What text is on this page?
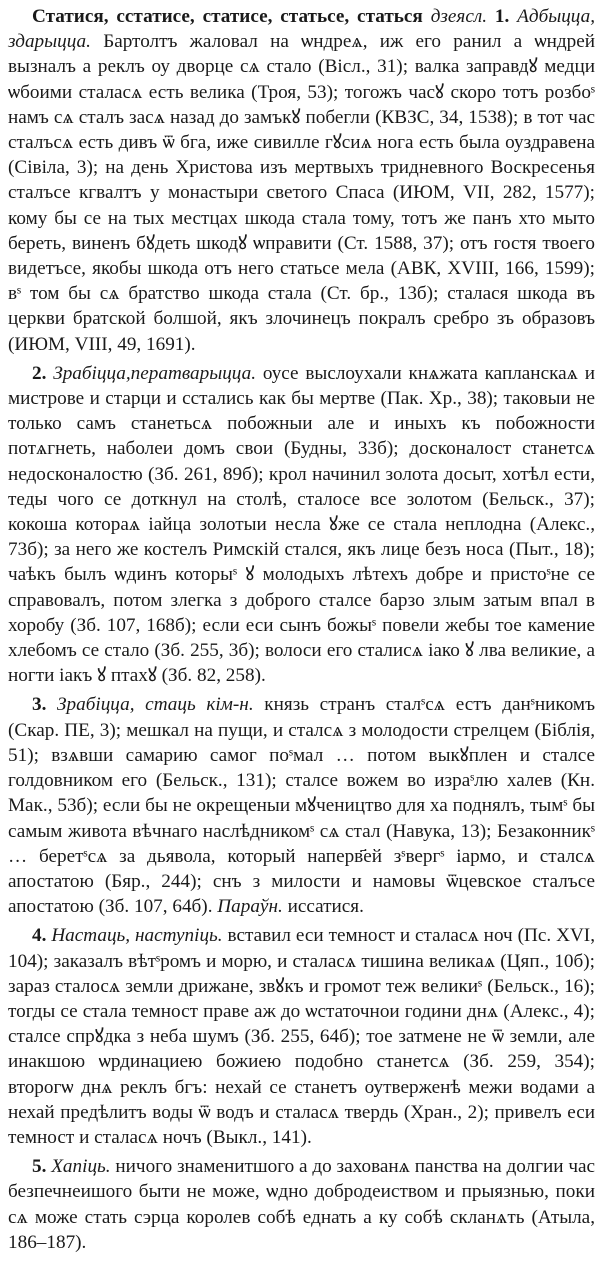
Статися, сстатисе, статисе, статьсе, статься дзеясл. 1. Адбыцца, здарыцца. Бартолтъ жаловал на ѡндреѧ, иж его ранил а ѡндрей вызналъ а реклъ оу дворце сѧ стало (Вісл., 31); валка заправдꙋ медци ѡбоими сталасѧ есть велика (Троя, 53); тогожъ часꙋ скоро тотъ розбоˢ намъ сѧ сталъ засѧ назад до замъкꙋ побегли (КВЗС, 34, 1538); в тот час сталъсѧ есть дивъ ѿ бга, иже сивилле гꙋсиѧ нога есть была оуздравена (Сівіла, 3); на день Христова изъ мертвыхъ тридневного Воскресенья сталъсе кгвалтъ у монастыри светого Спаса (ИЮМ, VII, 282, 1577); кому бы се на тых местцах шкода стала тому, тотъ же панъ хто мыто береть, виненъ бꙋдеть шкодꙋ ѡправити (Ст. 1588, 37); отъ гостя твоего видетъсе, якобы шкода отъ него статьсе мела (АВК, XVIII, 166, 1599); вˢ том бы сѧ братство шкода стала (Ст. бр., 13б); сталася шкода въ церкви братской болшой, якъ злочинецъ покралъ сребро зъ образовъ (ИЮМ, VIII, 49, 1691).

2. Зрабіцца,ператварыцца. оусе выслоухали кнѧжата капланскаѧ и мистрове и старци и сстались как бы мертве (Пак. Хр., 38); таковыи не только самъ станетьсѧ побожныи але и иныхъ къ побожности потѧгнеть, наболеи домъ свои (Будны, 33б); досконалост станетсѧ недосконалостю (Зб. 261, 89б); крол начинил золота досыт, хотѣл ести, теды чого се доткнул на столѣ, сталосе все золотом (Бельск., 37); кокоша котораѧ іайца золотыи несла ꙋже се стала неплодна (Алекс., 73б); за него же костелъ Римскій стался, якъ лице безъ носа (Пыт., 18); чаѣкъ былъ ѡдинъ которыˢ ꙋ молодыхъ лѣтехъ добре и пристоˢне се справовалъ, потом злегка з доброго сталсе барзо злым затым впал в хоробу (Зб. 107, 168б); если еси сынъ божыˢ повели жебы тое камение хлебомъ се стало (Зб. 255, 3б); волоси его сталисѧ іако ꙋ лва великие, а ногти іакъ ꙋ птахꙋ (Зб. 82, 258).

3. Зрабіцца, стаць кім-н. князь странъ сталˢсѧ естъ данˢникомъ (Скар. ПЕ, 3); мешкал на пущи, и сталсѧ з молодости стрелцем (Біблія, 51); взѧвши самарию самог поˢмал … потом выкꙋплен и сталсе голдовником его (Бельск., 131); сталсе вожем во израˢлю халев (Кн. Мак., 53б); если бы не окрещеныи мꙋчеництво для ха поднялъ, тымˢ бы самым живота вѣчнаго наслѣдникомˢ сѧ стал (Навука, 13); Безаконникˢ … беретˢсѧ за дьявола, который наперв҃ей зˢвергˢ іармо, и сталсѧ апостатою (Бяр., 244); снъ з милости и намовы ѿцевское сталъсе апостатою (Зб. 107, 64б). Параўн. иссатися.

4. Настаць, наступіць. вставил еси темност и сталасѧ ноч (Пс. XVI, 104); заказалъ вѣтˢромъ и морю, и сталасѧ тишина великаѧ (Цяп., 10б); зараз сталосѧ земли дрижане, звꙋкъ и громот теж великиˢ (Бельск., 16); тогды се стала темност праве аж до ѡстаточнои години днѧ (Алекс., 4); сталсе спрꙋдка з неба шумъ (Зб. 255, 64б); тое затмене не ѿ земли, але инакшою ѡрдинациею божиею подобно станетсѧ (Зб. 259, 354); второгѡ днѧ реклъ бгъ: нехай се станетъ оутверженѣ межи водами а нехай предѣлитъ воды ѿ водъ и сталасѧ твердь (Хран., 2); привелъ еси темност и сталасѧ ночъ (Выкл., 141).

5. Хапіць. ничого знаменитшого а до захованѧ панства на долгии час безпечнеишого быти не може, ѡдно добродеиством и прыязнью, поки сѧ може стать сэрца королев собѣ еднать а ку собѣ скланѧть (Атыла, 186–187).
